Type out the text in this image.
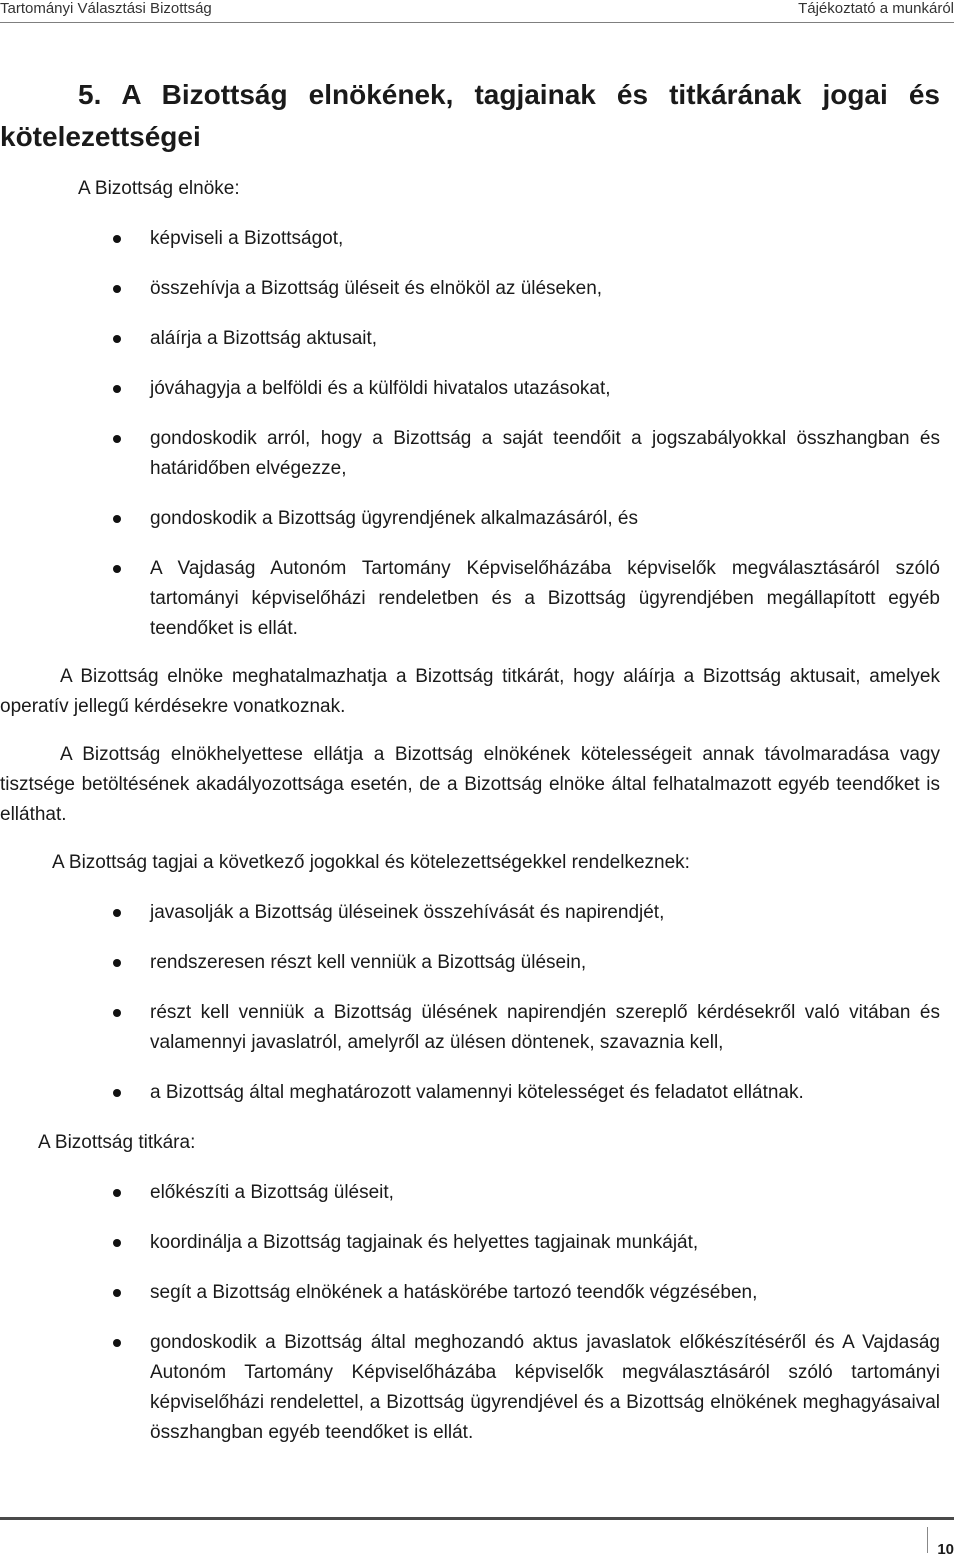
Tartományi Választási Bizottság	Tájékoztató a munkáról
5. A Bizottság elnökének, tagjainak és titkárának jogai és kötelezettségei

A Bizottság elnöke:

képviseli a Bizottságot,
összehívja a Bizottság üléseit és elnököl az üléseken,
aláírja a Bizottság aktusait,
jóváhagyja a belföldi és a külföldi hivatalos utazásokat,
gondoskodik arról, hogy a Bizottság a saját teendőit a jogszabályokkal összhangban és határidőben elvégezze,
gondoskodik a Bizottság ügyrendjének alkalmazásáról, és
A Vajdaság Autonóm Tartomány Képviselőházába képviselők megválasztásáról szóló tartományi képviselőházi rendeletben és a Bizottság ügyrendjében megállapított egyéb teendőket is ellát.

A Bizottság elnöke meghatalmazhatja a Bizottság titkárát, hogy aláírja a Bizottság aktusait, amelyek operatív jellegű kérdésekre vonatkoznak.

A Bizottság elnökhelyettese ellátja a Bizottság elnökének kötelességeit annak távolmaradása vagy tisztsége betöltésének akadályozottsága esetén, de a Bizottság elnöke által felhatalmazott egyéb teendőket is elláthat.

A Bizottság tagjai a következő jogokkal és kötelezettségekkel rendelkeznek:

javasolják a Bizottság üléseinek összehívását és napirendjét,
rendszeresen részt kell venniük a Bizottság ülésein,
részt kell venniük a Bizottság ülésének napirendjén szereplő kérdésekről való vitában és valamennyi javaslatról, amelyről az ülésen döntenek, szavaznia kell,
a Bizottság által meghatározott valamennyi kötelességet és feladatot ellátnak.

A Bizottság titkára:

előkészíti a Bizottság üléseit,
koordinálja a Bizottság tagjainak és helyettes tagjainak munkáját,
segít a Bizottság elnökének a hatáskörébe tartozó teendők végzésében,
gondoskodik a Bizottság által meghozandó aktus javaslatok előkészítéséről és A Vajdaság Autonóm Tartomány Képviselőházába képviselők megválasztásáról szóló tartományi képviselőházi rendelettel, a Bizottság ügyrendjével és a Bizottság elnökének meghagyásaival összhangban egyéb teendőket is ellát.
10
